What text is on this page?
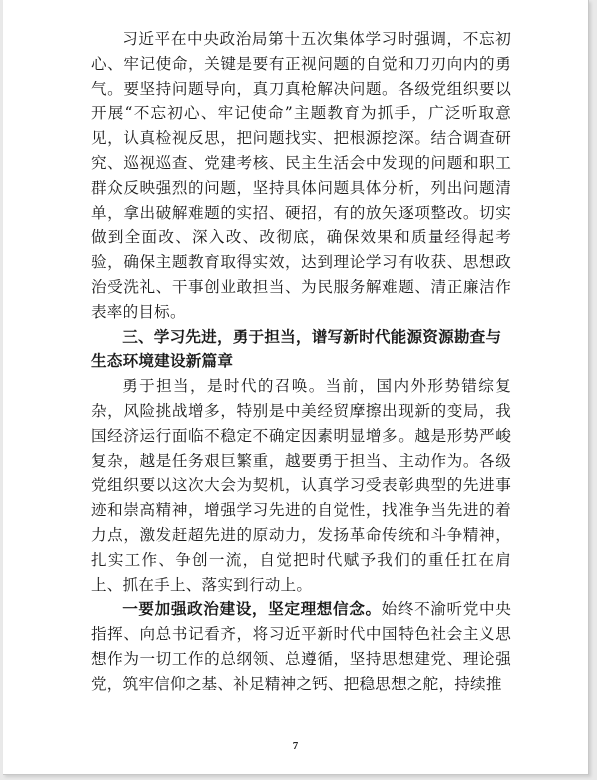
习近平在中央政治局第十五次集体学习时强调，不忘初心、牢记使命，关键是要有正视问题的自觉和刀刃向内的勇气。要坚持问题导向，真刀真枪解决问题。各级党组织要以开展“不忘初心、牢记使命”主题教育为抓手，广泛听取意见，认真检视反思，把问题找实、把根源挖深。结合调查研究、巡视巡查、党建考核、民主生活会中发现的问题和职工群众反映强烈的问题，坚持具体问题具体分析，列出问题清单，拿出破解难题的实招、硬招，有的放矢逐项整改。切实做到全面改、深入改、改彻底，确保效果和质量经得起考验，确保主题教育取得实效，达到理论学习有收获、思想政治受洗礼、干事创业敢担当、为民服务解难题、清正廉洁作表率的目标。

三、学习先进，勇于担当，谱写新时代能源资源勘查与生态环境建设新篇章

勇于担当，是时代的召唤。当前，国内外形势错综复杂，风险挑战增多，特别是中美经贸摩擦出现新的变局，我国经济运行面临不稳定不确定因素明显增多。越是形势严峻复杂，越是任务艰巨繁重，越要勇于担当、主动作为。各级党组织要以这次大会为契机，认真学习受表彰典型的先进事迹和崇高精神，增强学习先进的自觉性，找准争当先进的着力点，激发赶超先进的原动力，发扬革命传统和斗争精神，扎实工作、争创一流，自觉把时代赋予我们的重任扛在肩上、抓在手上、落实到行动上。

一要加强政治建设，坚定理想信念。始终不渝听党中央指挥、向总书记看齐，将习近平新时代中国特色社会主义思想作为一切工作的总纲领、总遵循，坚持思想建党、理论强党，筑牢信仰之基、补足精神之钙、把稳思想之舵，持续推

7
